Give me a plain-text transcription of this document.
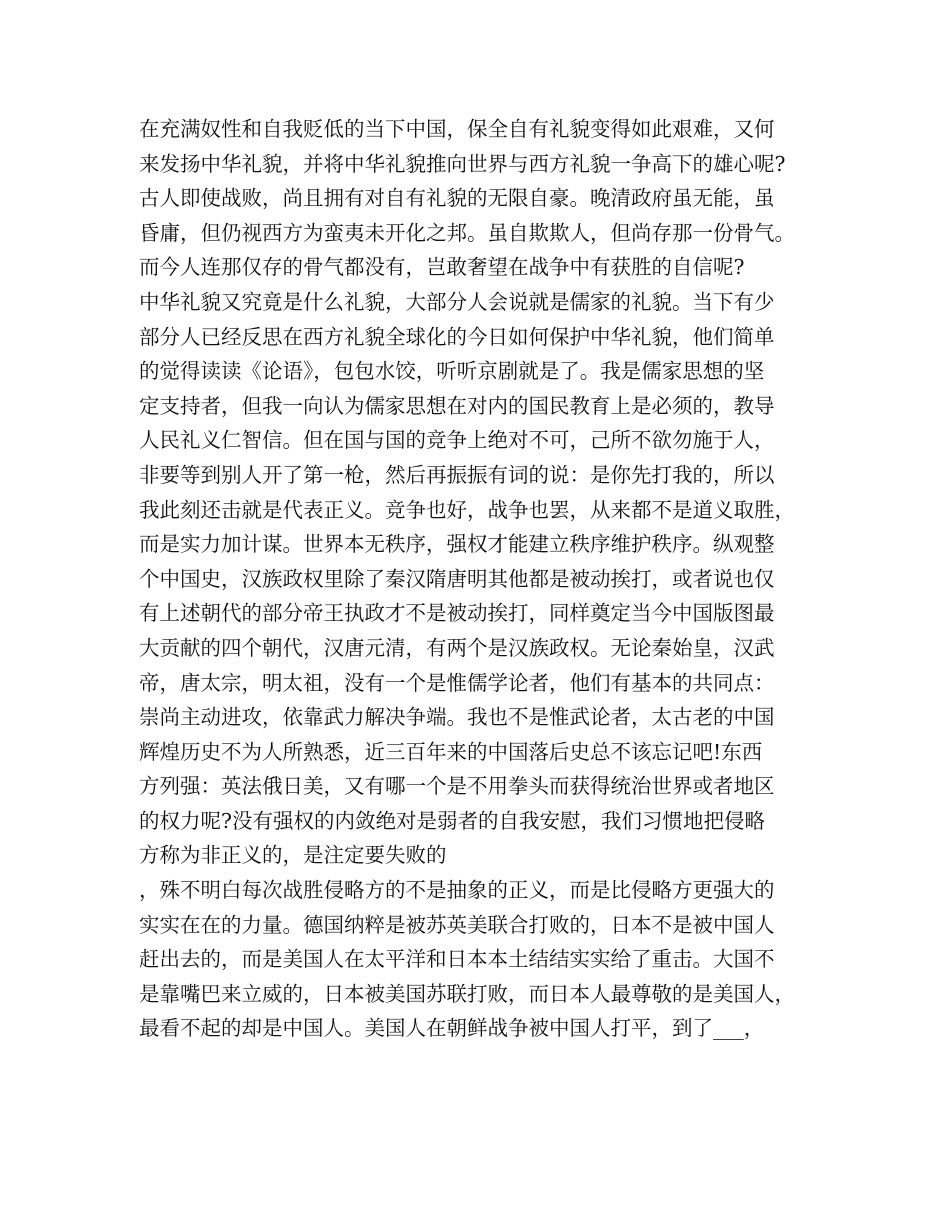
在充满奴性和自我贬低的当下中国，保全自有礼貌变得如此艰难，又何
来发扬中华礼貌，并将中华礼貌推向世界与西方礼貌一争高下的雄心呢?
古人即使战败，尚且拥有对自有礼貌的无限自豪。晚清政府虽无能，虽
昏庸，但仍视西方为蛮夷未开化之邦。虽自欺欺人，但尚存那一份骨气。
而今人连那仅存的骨气都没有，岂敢奢望在战争中有获胜的自信呢?
中华礼貌又究竟是什么礼貌，大部分人会说就是儒家的礼貌。当下有少
部分人已经反思在西方礼貌全球化的今日如何保护中华礼貌，他们简单
的觉得读读《论语》，包包水饺，听听京剧就是了。我是儒家思想的坚
定支持者，但我一向认为儒家思想在对内的国民教育上是必须的，教导
人民礼义仁智信。但在国与国的竞争上绝对不可，己所不欲勿施于人，
非要等到别人开了第一枪，然后再振振有词的说：是你先打我的，所以
我此刻还击就是代表正义。竞争也好，战争也罢，从来都不是道义取胜，
而是实力加计谋。世界本无秩序，强权才能建立秩序维护秩序。纵观整
个中国史，汉族政权里除了秦汉隋唐明其他都是被动挨打，或者说也仅
有上述朝代的部分帝王执政才不是被动挨打，同样奠定当今中国版图最
大贡献的四个朝代，汉唐元清，有两个是汉族政权。无论秦始皇，汉武
帝，唐太宗，明太祖，没有一个是惟儒学论者，他们有基本的共同点：
崇尚主动进攻，依靠武力解决争端。我也不是惟武论者，太古老的中国
辉煌历史不为人所熟悉，近三百年来的中国落后史总不该忘记吧!东西
方列强：英法俄日美，又有哪一个是不用拳头而获得统治世界或者地区
的权力呢?没有强权的内敛绝对是弱者的自我安慰，我们习惯地把侵略
方称为非正义的，是注定要失败的
，殊不明白每次战胜侵略方的不是抽象的正义，而是比侵略方更强大的
实实在在的力量。德国纳粹是被苏英美联合打败的，日本不是被中国人
赶出去的，而是美国人在太平洋和日本本土结结实实给了重击。大国不
是靠嘴巴来立威的，日本被美国苏联打败，而日本人最尊敬的是美国人，
最看不起的却是中国人。美国人在朝鲜战争被中国人打平，到了___，
